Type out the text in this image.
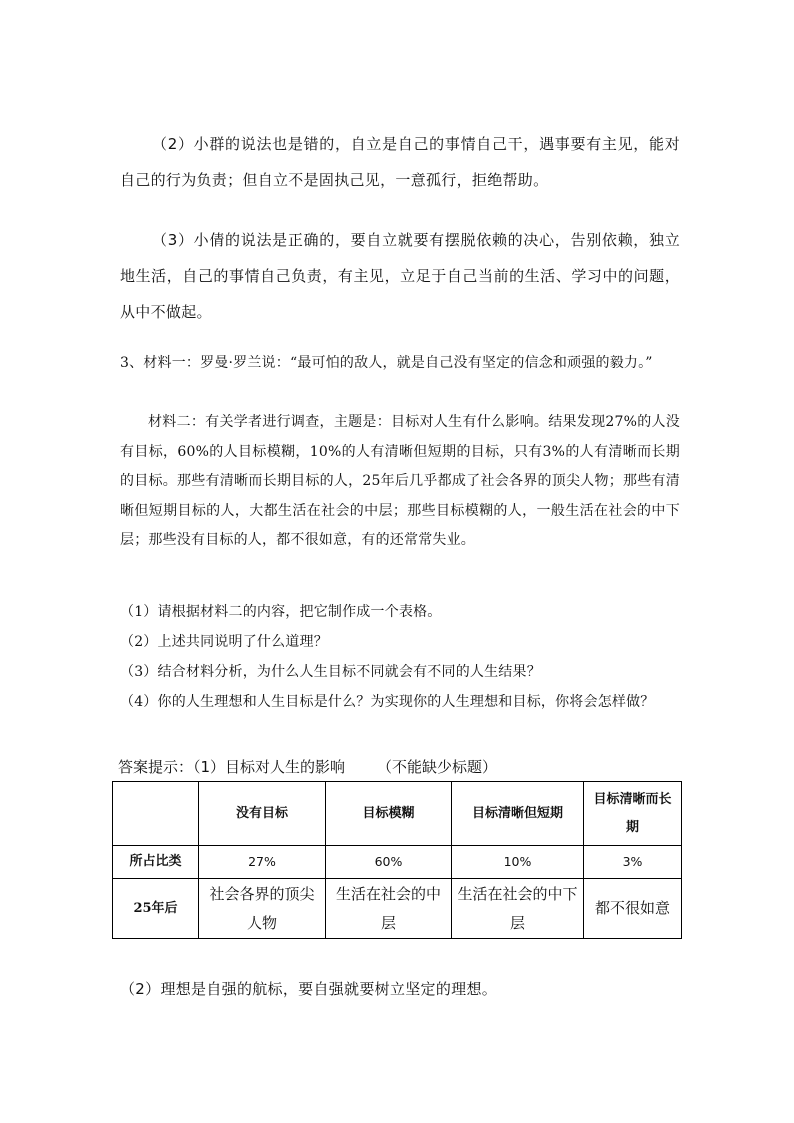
（2）小群的说法也是错的，自立是自己的事情自己干，遇事要有主见，能对自己的行为负责；但自立不是固执己见，一意孤行，拒绝帮助。

（3）小倩的说法是正确的，要自立就要有摆脱依赖的决心，告别依赖，独立地生活，自己的事情自己负责，有主见，立足于自己当前的生活、学习中的问题，从中不做起。

3、材料一：罗曼·罗兰说：“最可怕的敌人，就是自己没有坚定的信念和顽强的毅力。”

材料二：有关学者进行调查，主题是：目标对人生有什么影响。结果发现27%的人没有目标，60%的人目标模糊，10%的人有清晰但短期的目标，只有3%的人有清晰而长期的目标。那些有清晰而长期目标的人，25年后几乎都成了社会各界的顶尖人物；那些有清晰但短期目标的人，大都生活在社会的中层；那些目标模糊的人，一般生活在社会的中下层；那些没有目标的人，都不很如意，有的还常常失业。

（1）请根据材料二的内容，把它制作成一个表格。

（2）上述共同说明了什么道理？

（3）结合材料分析，为什么人生目标不同就会有不同的人生结果？

（4）你的人生理想和人生目标是什么？为实现你的人生理想和目标，你将会怎样做？

答案提示：（1）目标对人生的影响 （不能缺少标题）
	没有目标	目标模糊	目标清晰但短期	目标清晰而长期
所占比类	27%	60%	10%	3%
25年后	社会各界的顶尖人物	生活在社会的中层	生活在社会的中下层	都不很如意

（2）理想是自强的航标，要自强就要树立坚定的理想。
